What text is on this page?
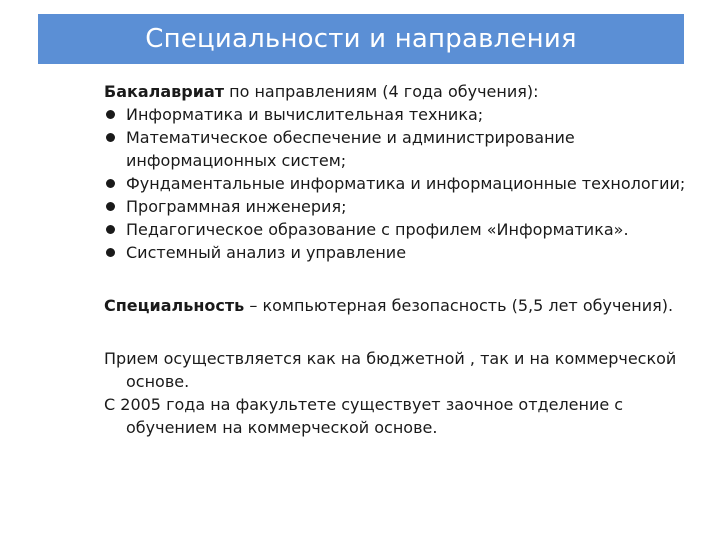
Специальности и направления

Бакалавриат по направлениям (4 года обучения):

Информатика и вычислительная техника;
Математическое обеспечение и администрирование информационных систем;
Фундаментальные информатика и информационные технологии;
Программная инженерия;
Педагогическое образование с профилем «Информатика».
Системный анализ и управление

Специальность – компьютерная безопасность (5,5 лет обучения).

Прием осуществляется как на бюджетной , так и на коммерческой основе.

С 2005 года на факультете существует заочное отделение с обучением на коммерческой основе.
